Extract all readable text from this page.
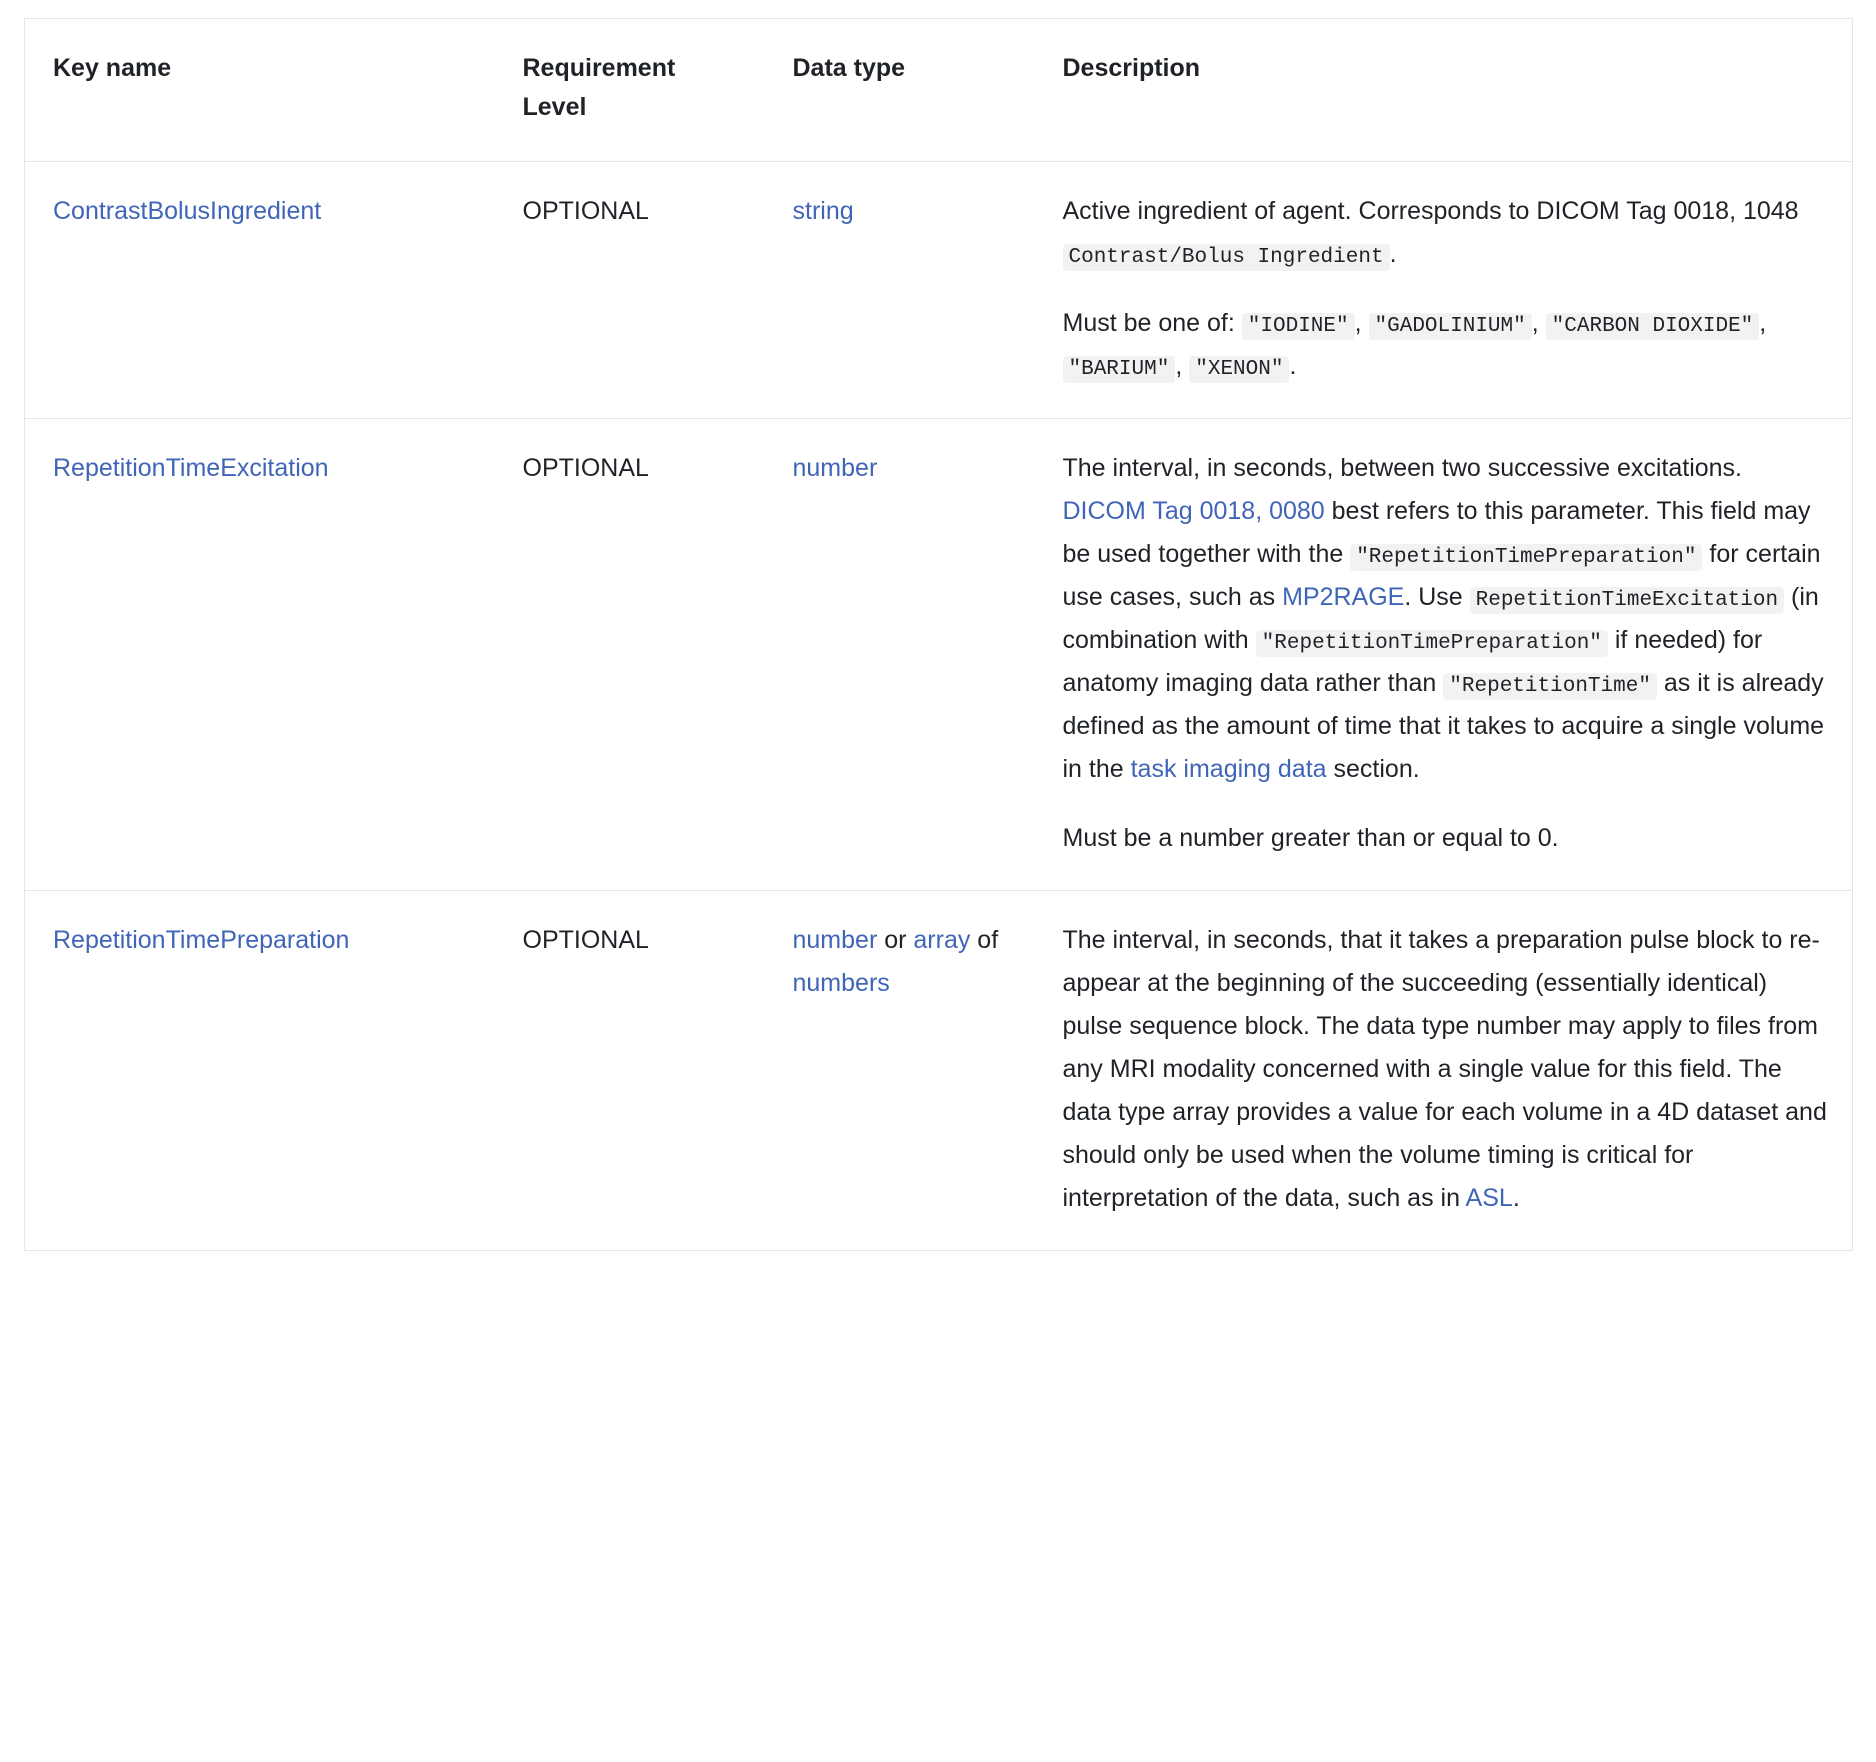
Key name	Requirement Level	Data type	Description
ContrastBolusIngredient	OPTIONAL	string	Active ingredient of agent. Corresponds to DICOM Tag 0018, 1048 Contrast/Bolus Ingredient .

Must be one of: "IODINE" , "GADOLINIUM" , "CARBON DIOXIDE" , "BARIUM" , "XENON" .

RepetitionTimeExcitation	OPTIONAL	number	The interval, in seconds, between two successive excitations. DICOM Tag 0018, 0080 best refers to this parameter. This field may be used together with the "RepetitionTimePreparation" for certain use cases, such as MP2RAGE. Use RepetitionTimeExcitation (in combination with "RepetitionTimePreparation" if needed) for anatomy imaging data rather than "RepetitionTime" as it is already defined as the amount of time that it takes to acquire a single volume in the task imaging data section.

Must be a number greater than or equal to 0.

RepetitionTimePreparation	OPTIONAL	number or array of numbers	The interval, in seconds, that it takes a preparation pulse block to re-appear at the beginning of the succeeding (essentially identical) pulse sequence block. The data type number may apply to files from any MRI modality concerned with a single value for this field. The data type array provides a value for each volume in a 4D dataset and should only be used when the volume timing is critical for interpretation of the data, such as in ASL.
